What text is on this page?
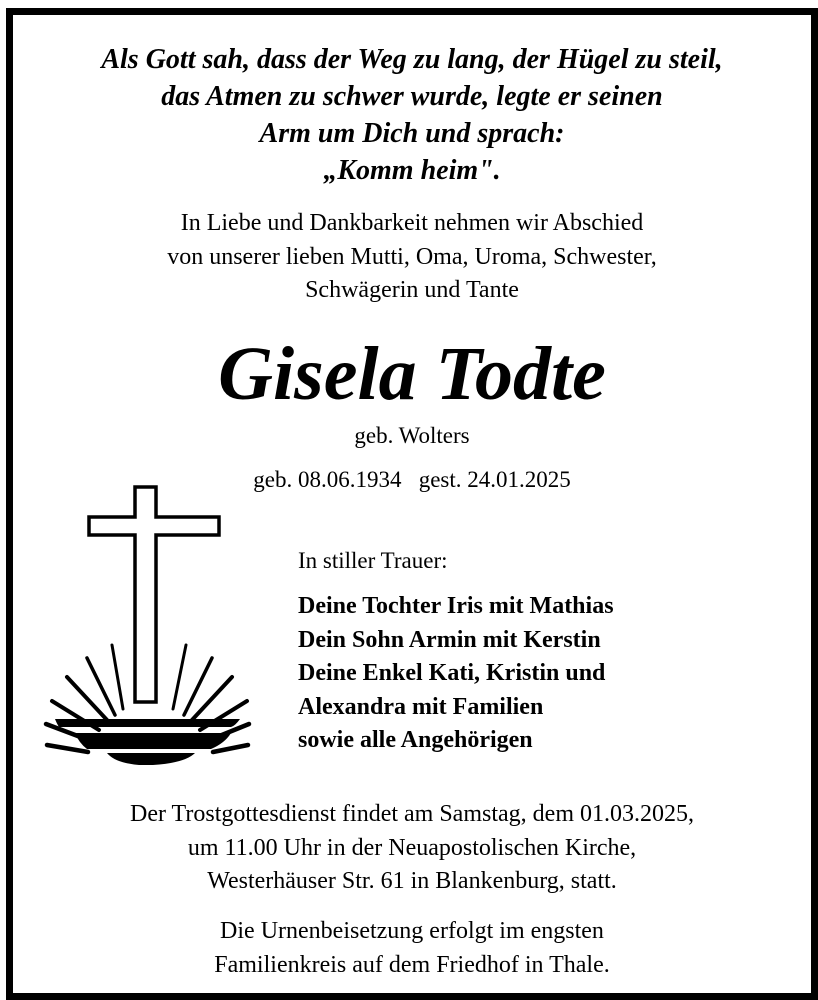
Als Gott sah, dass der Weg zu lang, der Hügel zu steil,
das Atmen zu schwer wurde, legte er seinen
Arm um Dich und sprach:
„Komm heim".
In Liebe und Dankbarkeit nehmen wir Abschied
von unserer lieben Mutti, Oma, Uroma, Schwester,
Schwägerin und Tante
Gisela Todte
geb. Wolters
geb. 08.06.1934 gest. 24.01.2025
In stiller Trauer:
Deine Tochter Iris mit Mathias
Dein Sohn Armin mit Kerstin
Deine Enkel Kati, Kristin und
Alexandra mit Familien
sowie alle Angehörigen
Der Trostgottesdienst findet am Samstag, dem 01.03.2025,
um 11.00 Uhr in der Neuapostolischen Kirche,
Westerhäuser Str. 61 in Blankenburg, statt.
Die Urnenbeisetzung erfolgt im engsten
Familienkreis auf dem Friedhof in Thale.
